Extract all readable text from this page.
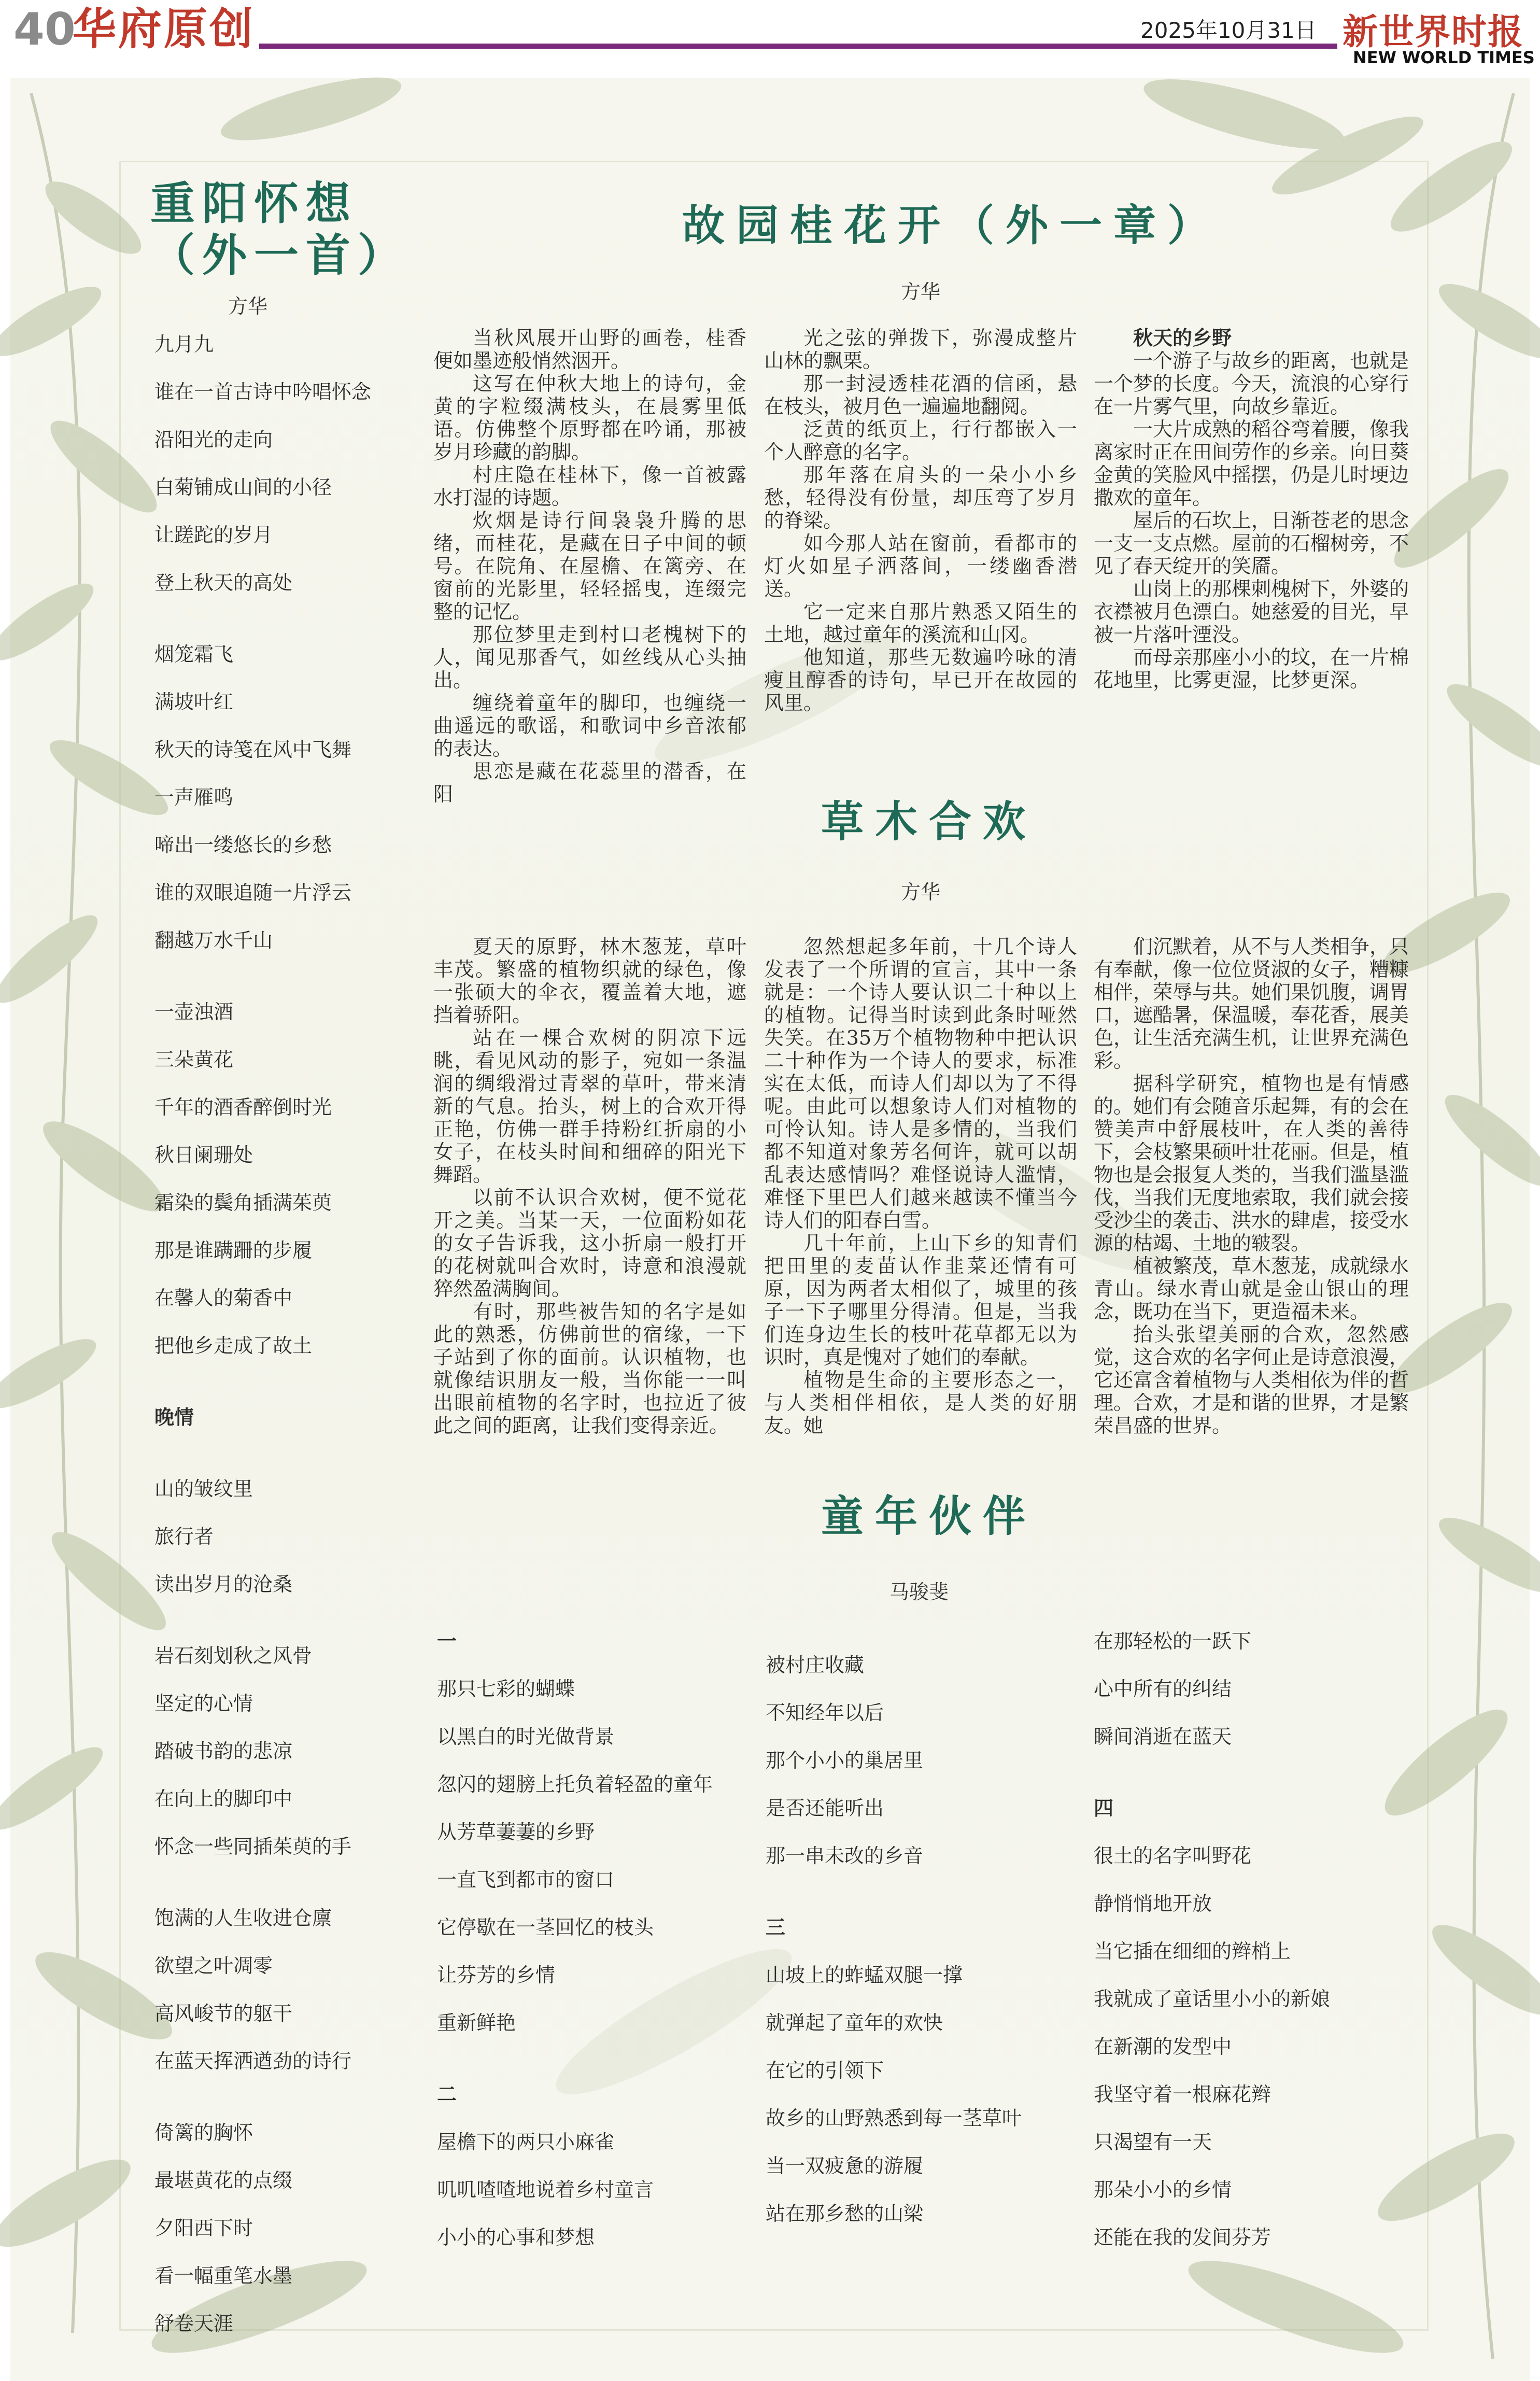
40
华府原创	2025年10月31日 新世界时报
NEW WORLD TIMES
重阳怀想
（外一首）
方华
九月九
谁在一首古诗中吟唱怀念
沿阳光的走向
白菊铺成山间的小径
让蹉跎的岁月
登上秋天的高处
烟笼霜飞
满坡叶红
秋天的诗笺在风中飞舞
一声雁鸣
啼出一缕悠长的乡愁
谁的双眼追随一片浮云
翻越万水千山
一壶浊酒
三朵黄花
千年的酒香醉倒时光
秋日阑珊处
霜染的鬓角插满茱萸
那是谁蹒跚的步履
在馨人的菊香中
把他乡走成了故土
晚情
山的皱纹里
旅行者
读出岁月的沧桑
岩石刻划秋之风骨
坚定的心情
踏破书韵的悲凉
在向上的脚印中
怀念一些同插茱萸的手
饱满的人生收进仓廪
欲望之叶凋零
高风峻节的躯干
在蓝天挥洒遒劲的诗行
倚篱的胸怀
最堪黄花的点缀
夕阳西下时
看一幅重笔水墨
舒卷天涯
故园桂花开（外一章）
方华

当秋风展开山野的画卷，桂香便如墨迹般悄然洇开。

这写在仲秋大地上的诗句，金黄的字粒缀满枝头，在晨雾里低语。仿佛整个原野都在吟诵，那被岁月珍藏的韵脚。

村庄隐在桂林下，像一首被露水打湿的诗题。

炊烟是诗行间袅袅升腾的思绪，而桂花，是藏在日子中间的顿号。在院角、在屋檐、在篱旁、在窗前的光影里，轻轻摇曳，连缀完整的记忆。

那位梦里走到村口老槐树下的人，闻见那香气，如丝线从心头抽出。

缠绕着童年的脚印，也缠绕一曲遥远的歌谣，和歌词中乡音浓郁的表达。

思恋是藏在花蕊里的潜香，在阳

光之弦的弹拨下，弥漫成整片山林的飘栗。

那一封浸透桂花酒的信函，悬在枝头，被月色一遍遍地翻阅。

泛黄的纸页上，行行都嵌入一个人醉意的名字。

那年落在肩头的一朵小小乡愁，轻得没有份量，却压弯了岁月的脊梁。

如今那人站在窗前，看都市的灯火如星子洒落间，一缕幽香潜送。

它一定来自那片熟悉又陌生的土地，越过童年的溪流和山冈。

他知道，那些无数遍吟咏的清瘦且醇香的诗句，早已开在故园的风里。

秋天的乡野

一个游子与故乡的距离，也就是一个梦的长度。今天，流浪的心穿行在一片雾气里，向故乡靠近。

一大片成熟的稻谷弯着腰，像我离家时正在田间劳作的乡亲。向日葵金黄的笑脸风中摇摆，仍是儿时埂边撒欢的童年。

屋后的石坎上，日渐苍老的思念一支一支点燃。屋前的石榴树旁，不见了春天绽开的笑靥。

山岗上的那棵刺槐树下，外婆的衣襟被月色漂白。她慈爱的目光，早被一片落叶湮没。

而母亲那座小小的坟，在一片棉花地里，比雾更湿，比梦更深。

草木合欢
方华

夏天的原野，林木葱茏，草叶丰茂。繁盛的植物织就的绿色，像一张硕大的伞衣，覆盖着大地，遮挡着骄阳。

站在一棵合欢树的阴凉下远眺，看见风动的影子，宛如一条温润的绸缎滑过青翠的草叶，带来清新的气息。抬头，树上的合欢开得正艳，仿佛一群手持粉红折扇的小女子，在枝头时间和细碎的阳光下舞蹈。

以前不认识合欢树，便不觉花开之美。当某一天，一位面粉如花的女子告诉我，这小折扇一般打开的花树就叫合欢时，诗意和浪漫就猝然盈满胸间。

有时，那些被告知的名字是如此的熟悉，仿佛前世的宿缘，一下子站到了你的面前。认识植物，也就像结识朋友一般，当你能一一叫出眼前植物的名字时，也拉近了彼此之间的距离，让我们变得亲近。

忽然想起多年前，十几个诗人发表了一个所谓的宣言，其中一条就是：一个诗人要认识二十种以上的植物。记得当时读到此条时哑然失笑。在35万个植物物种中把认识二十种作为一个诗人的要求，标准实在太低，而诗人们却以为了不得呢。由此可以想象诗人们对植物的可怜认知。诗人是多情的，当我们都不知道对象芳名何许，就可以胡乱表达感情吗？难怪说诗人滥情，难怪下里巴人们越来越读不懂当今诗人们的阳春白雪。

几十年前，上山下乡的知青们把田里的麦苗认作韭菜还情有可原，因为两者太相似了，城里的孩子一下子哪里分得清。但是，当我们连身边生长的枝叶花草都无以为识时，真是愧对了她们的奉献。

植物是生命的主要形态之一，与人类相伴相依，是人类的好朋友。她

们沉默着，从不与人类相争，只有奉献，像一位位贤淑的女子，糟糠相伴，荣辱与共。她们果饥腹，调胃口，遮酷暑，保温暖，奉花香，展美色，让生活充满生机，让世界充满色彩。

据科学研究，植物也是有情感的。她们有会随音乐起舞，有的会在赞美声中舒展枝叶，在人类的善待下，会枝繁果硕叶壮花丽。但是，植物也是会报复人类的，当我们滥垦滥伐，当我们无度地索取，我们就会接受沙尘的袭击、洪水的肆虐，接受水源的枯竭、土地的皲裂。

植被繁茂，草木葱茏，成就绿水青山。绿水青山就是金山银山的理念，既功在当下，更造福未来。

抬头张望美丽的合欢，忽然感觉，这合欢的名字何止是诗意浪漫，它还富含着植物与人类相依为伴的哲理。合欢，才是和谐的世界，才是繁荣昌盛的世界。

童年伙伴
马骏斐
一
那只七彩的蝴蝶
以黑白的时光做背景
忽闪的翅膀上托负着轻盈的童年
从芳草萋萋的乡野
一直飞到都市的窗口
它停歇在一茎回忆的枝头
让芬芳的乡情
重新鲜艳
二
屋檐下的两只小麻雀
叽叽喳喳地说着乡村童言
小小的心事和梦想
被村庄收藏
不知经年以后
那个小小的巢居里
是否还能听出
那一串未改的乡音
三
山坡上的蚱蜢双腿一撑
就弹起了童年的欢快
在它的引领下
故乡的山野熟悉到每一茎草叶
当一双疲惫的游履
站在那乡愁的山梁
在那轻松的一跃下
心中所有的纠结
瞬间消逝在蓝天
四
很土的名字叫野花
静悄悄地开放
当它插在细细的辫梢上
我就成了童话里小小的新娘
在新潮的发型中
我坚守着一根麻花辫
只渴望有一天
那朵小小的乡情
还能在我的发间芬芳
